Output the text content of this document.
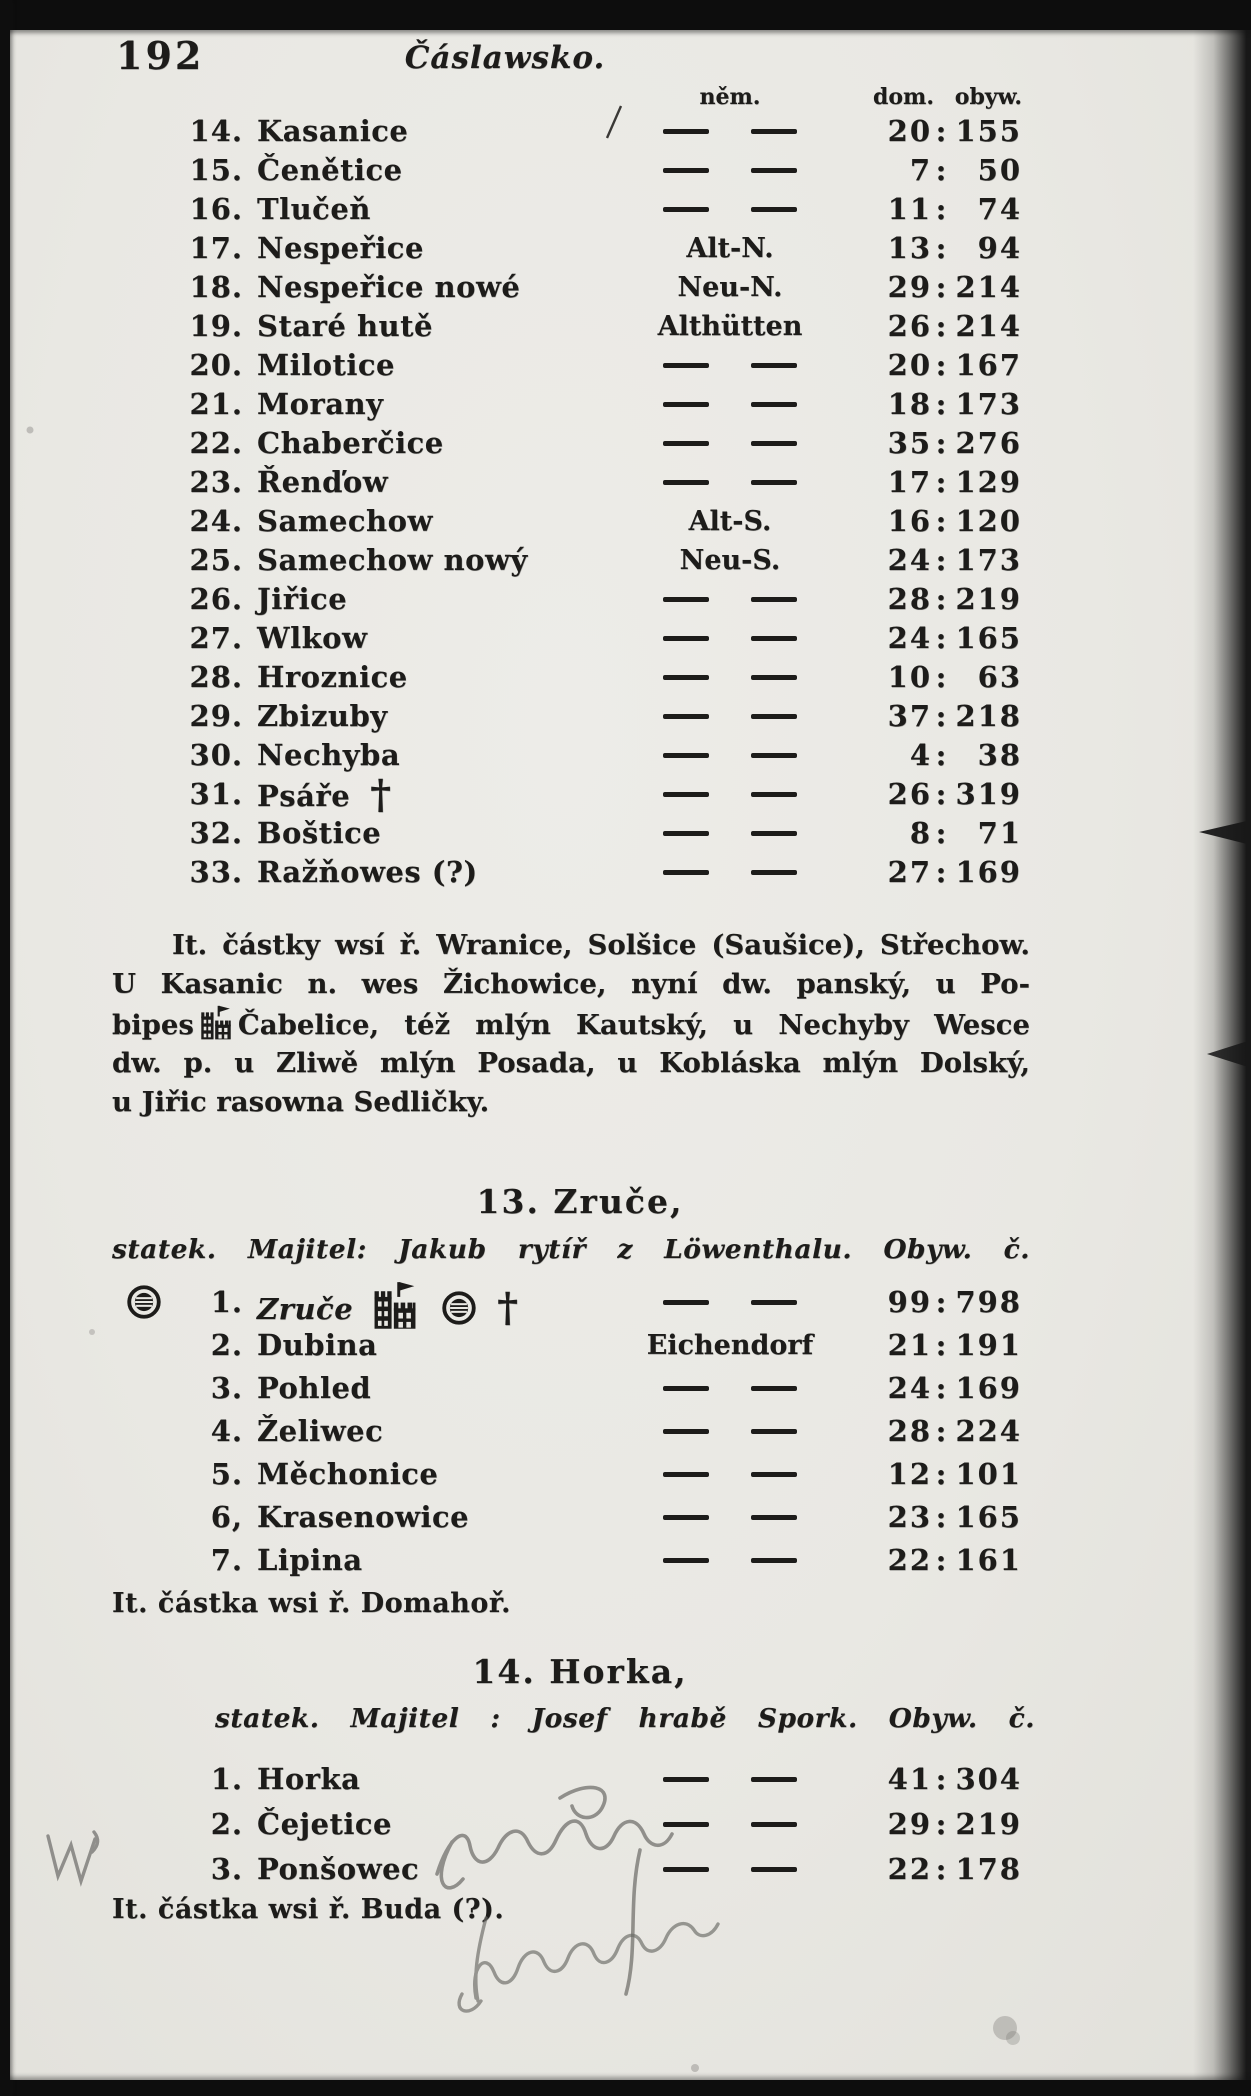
192	Čáslawsko.
něm.	dom. obyw.
14. Kasanice	20 : 155
15. Čenětice	7 :	50
16. Tlučeň	11 :	74
17. Nespeřice	Alt-N.	13 :	94
18. Nespeřice nowé	Neu-N.	29 : 214
19. Staré hutě	Althütten	26 : 214
20. Milotice	20 : 167
21. Morany	18 : 173
22. Chaberčice	35 : 276
23. Řenďow	17 : 129
24. Samechow	Alt-S.	16 : 120
25. Samechow nowý	Neu-S.	24 : 173
26. Jiřice	28 : 219
27. Wlkow	24 : 165
28. Hroznice	10 :	63
29. Zbizuby	37 : 218
30. Nechyba	4 :	38
31. Psáře †	26 : 319
32. Boštice	8 :	71
33. Ražňowes (?)	27 : 169
It. částky wsí ř. Wranice, Solšice (Saušice), Střechow.
U Kasanic n. wes Žichowice, nyní dw. panský, u Po-
bipes Čabelice, též mlýn Kautský, u Nechyby Wesce
dw. p. u Zliwě mlýn Posada, u Kobláska mlýn Dolský,
u Jiřic rasowna Sedličky.
13. Zruče,
statek. Majitel: Jakub rytíř z Löwenthalu. Obyw. č.
1. Zruče	†	99 : 798
2. Dubina	Eichendorf	21 : 191
3. Pohled	24 : 169
4. Želiwec	28 : 224
5. Měchonice	12 : 101
6, Krasenowice	23 : 165
7. Lipina	22 : 161
It. částka wsi ř. Domahoř.
14. Horka,
statek. Majitel : Josef hrabě Spork. Obyw. č.
1. Horka	41 : 304
2. Čejetice	29 : 219
3. Ponšowec	22 : 178
It. částka wsi ř. Buda (?).
